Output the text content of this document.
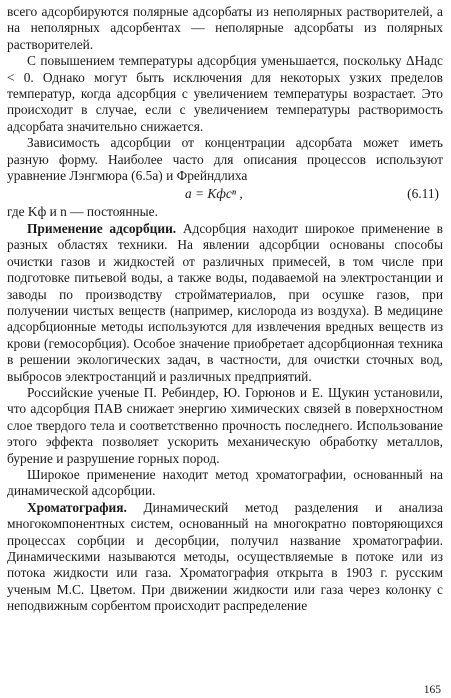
всего адсорбируются полярные адсорбаты из неполярных растворителей, а на неполярных адсорбентах — неполярные адсорбаты из полярных растворителей.

С повышением температуры адсорбция уменьшается, поскольку ΔHадс < 0. Однако могут быть исключения для некоторых узких пределов температур, когда адсорбция с увеличением температуры возрастает. Это происходит в случае, если с увеличением температуры растворимость адсорбата значительно снижается.

Зависимость адсорбции от концентрации адсорбата может иметь разную форму. Наиболее часто для описания процессов используют уравнение Лэнгмюра (6.5а) и Фрейндлиха

a = Kфcⁿ ,	(6.11)

где Kф и n — постоянные.

Применение адсорбции. Адсорбция находит широкое применение в разных областях техники. На явлении адсорбции основаны способы очистки газов и жидкостей от различных примесей, в том числе при подготовке питьевой воды, а также воды, подаваемой на электростанции и заводы по производству стройматериалов, при осушке газов, при получении чистых веществ (например, кислорода из воздуха). В медицине адсорбционные методы используются для извлечения вредных веществ из крови (гемосорбция). Особое значение приобретает адсорбционная техника в решении экологических задач, в частности, для очистки сточных вод, выбросов электростанций и различных предприятий.

Российские ученые П. Ребиндер, Ю. Горюнов и Е. Щукин установили, что адсорбция ПАВ снижает энергию химических связей в поверхностном слое твердого тела и соответственно прочность последнего. Использование этого эффекта позволяет ускорить механическую обработку металлов, бурение и разрушение горных пород.

Широкое применение находит метод хроматографии, основанный на динамической адсорбции.

Хроматография. Динамический метод разделения и анализа многокомпонентных систем, основанный на многократно повторяющихся процессах сорбции и десорбции, получил название хроматографии. Динамическими называются методы, осуществляемые в потоке или из потока жидкости или газа. Хроматография открыта в 1903 г. русским ученым М.С. Цветом. При движении жидкости или газа через колонку с неподвижным сорбентом происходит распределение

165
